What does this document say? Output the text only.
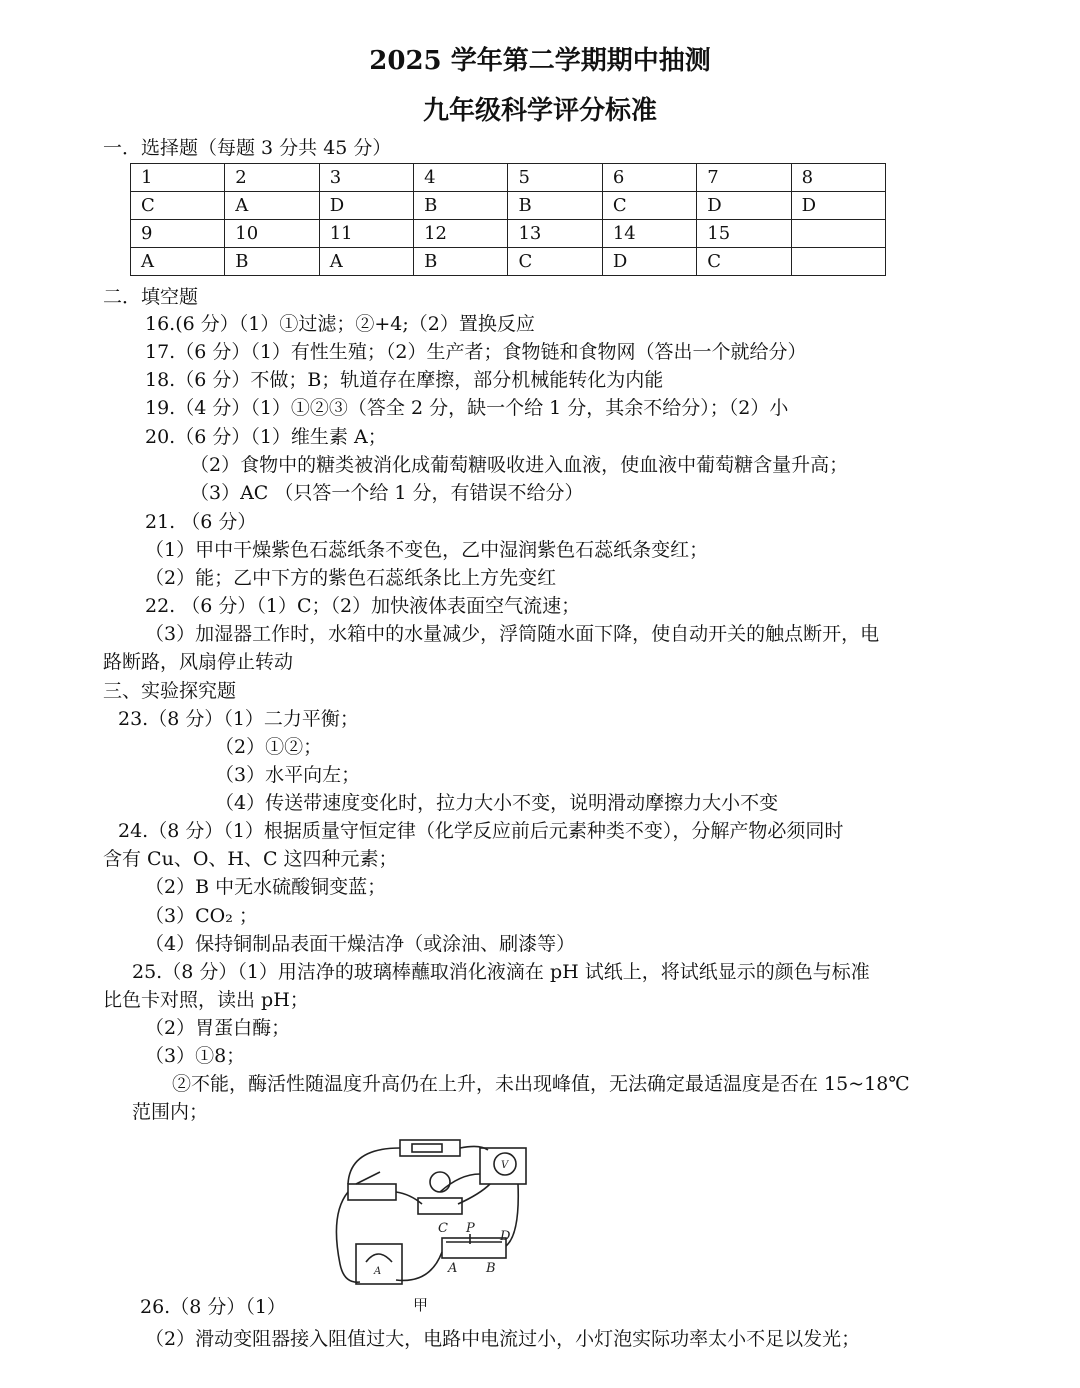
2025 学年第二学期期中抽测
九年级科学评分标准
一．选择题（每题 3 分共 45 分）
1	2	3	4	5	6	7	8
C	A	D	B	B	C	D	D
9	10	11	12	13	14	15	
A	B	A	B	C	D	C	
二．填空题
16.(6 分）（1）①过滤；②+4;（2）置换反应
17.（6 分）（1）有性生殖；（2）生产者；食物链和食物网（答出一个就给分）
18.（6 分）不做；B；轨道存在摩擦，部分机械能转化为内能
19.（4 分）（1）①②③（答全 2 分，缺一个给 1 分，其余不给分）；（2）小
20.（6 分）（1）维生素 A；
（2）食物中的糖类被消化成葡萄糖吸收进入血液，使血液中葡萄糖含量升高；
（3）AC （只答一个给 1 分，有错误不给分）
21. （6 分）
（1）甲中干燥紫色石蕊纸条不变色，乙中湿润紫色石蕊纸条变红；
（2）能；乙中下方的紫色石蕊纸条比上方先变红
22. （6 分）（1）C；（2）加快液体表面空气流速；
（3）加湿器工作时，水箱中的水量减少，浮筒随水面下降，使自动开关的触点断开，电
路断路，风扇停止转动
三、实验探究题
23.（8 分）（1）二力平衡；
（2）①②；
（3）水平向左；
（4）传送带速度变化时，拉力大小不变，说明滑动摩擦力大小不变
24.（8 分）（1）根据质量守恒定律（化学反应前后元素种类不变），分解产物必须同时
含有 Cu、O、H、C 这四种元素；
（2）B 中无水硫酸铜变蓝；
（3）CO₂ ；
（4）保持铜制品表面干燥洁净（或涂油、刷漆等）
25.（8 分）（1）用洁净的玻璃棒蘸取消化液滴在 pH 试纸上，将试纸显示的颜色与标准
比色卡对照，读出 pH；
（2）胃蛋白酶；
（3）①8；
②不能，酶活性随温度升高仍在上升，未出现峰值，无法确定最适温度是否在 15~18℃
范围内；
C P
D
A B
V
A
甲
26.（8 分）（1）
（2）滑动变阻器接入阻值过大，电路中电流过小，小灯泡实际功率太小不足以发光；
